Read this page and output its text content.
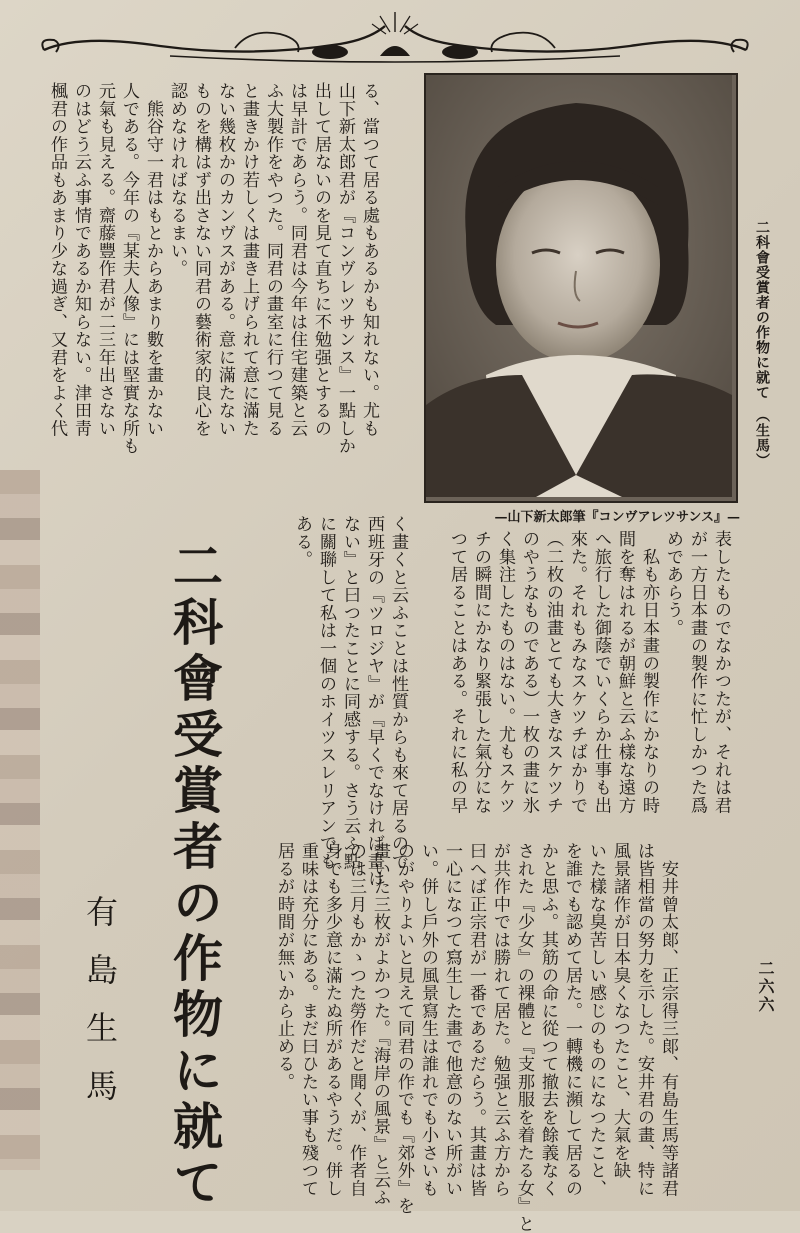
二科會受賞者の作物に就て　（生馬）
二六六
—山下新太郎筆『コンヴアレツサンス』—
る、當つて居る處もあるかも知れない。尤も
山下新太郎君が『コンヴレツサンス』一點しか
出して居ないのを見て直ちに不勉强とするの
は早計であらう。同君は今年は住宅建築と云
ふ大製作をやつた。同君の畫室に行つて見る
と畫きかけ若しくは畫き上げられて意に滿た
ない幾枚かのカンヴスがある。意に滿たない
ものを構はず出さない同君の藝術家的良心を
認めなければなるまい。
　熊谷守一君はもとからあまり數を畫かない
人である。今年の『某夫人像』には堅實な所も
元氣も見える。齋藤豐作君が二三年出さない
のはどう云ふ事情であるか知らない。津田靑
楓君の作品もあまり少な過ぎ、又君をよく代
く畫くと云ふことは性質からも來て居るので
西班牙の『ツロジヤ』が『早くでなければ畫け
ない』と曰つたことに同感する。さう云ふ點
に關聯して私は一個のホイツスレリアンでも
ある。	表したものでなかつたが、それは君
が一方日本畫の製作に忙しかつた爲
めであらう。
　私も亦日本畫の製作にかなりの時
間を奪はれるが朝鮮と云ふ樣な遠方
へ旅行した御蔭でいくらか仕事も出
來た。それもみなスケツチばかりで
（二枚の油畫とても大きなスケツチ
のやうなものである）一枚の畫に氷
く集注したものはない。尤もスケツ
チの瞬間にかなり緊張した氣分にな
つて居ることはある。それに私の早
　安井曾太郞、正宗得三郞、有島生馬等諸君
は皆相當の努力を示した。安井君の畫、特に
風景諸作が日本臭くなつたこと、大氣を缺
いた樣な臭苦しい感じのものになつたこと、
を誰でも認めて居た。一轉機に瀕して居るの
かと思ふ。其筋の命に從つて撤去を餘義なく
された『少女』の裸體と『支那服を着たる女』と
が共作中では勝れて居た。勉强と云ふ方から
曰へば正宗君が一番であるだらう。其畫は皆
一心になつて寫生した畫で他意のない所がい
い。併し戶外の風景寫生は誰れでも小さいも
のがやりよいと見えて同君の作でも『郊外』を
畫いた三枚がよかつた。『海岸の風景』と云ふ
のは三月もかゝつた勞作だと聞くが、作者自
身でも多少意に滿たぬ所があるやうだ。併し
重味は充分にある。まだ曰ひたい事も殘つて
居るが時間が無いから止める。
二科會受賞者の作物に就て
有島生馬
